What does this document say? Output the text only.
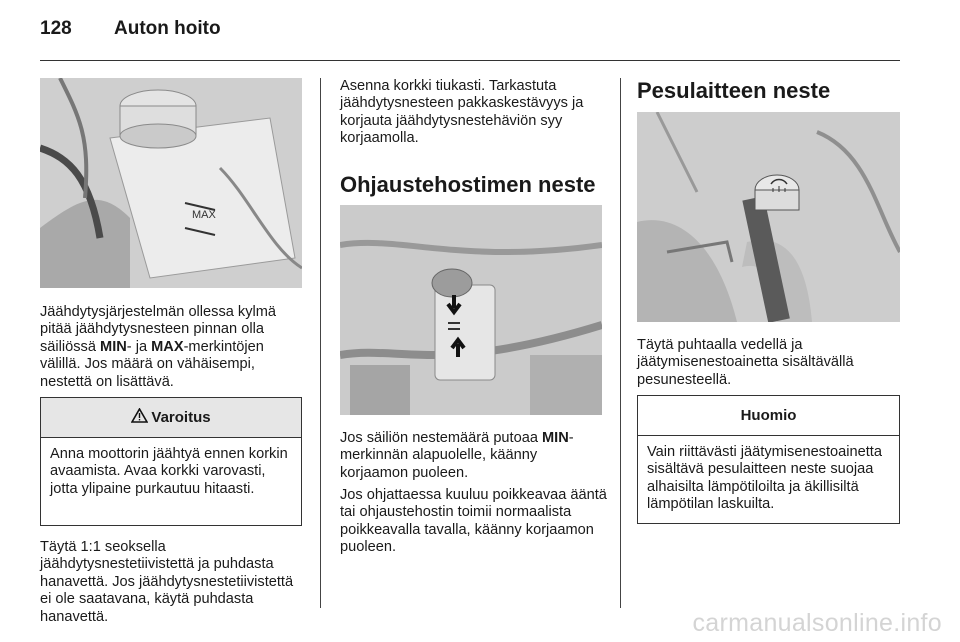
128 Auton hoito
MAX

Jäähdytysjärjestelmän ollessa kylmä pitää jäähdytysnesteen pinnan olla säiliössä MIN- ja MAX-merkintöjen välillä. Jos määrä on vähäisempi, nestettä on lisättävä.

Varoitus
Anna moottorin jäähtyä ennen korkin avaamista. Avaa korkki varovasti, jotta ylipaine purkautuu hitaasti.

Täytä 1:1 seoksella jäähdytysnestetiivistettä ja puhdasta hanavettä. Jos jäähdytysnestetiivistettä ei ole saatavana, käytä puhdasta hanavettä.

Asenna korkki tiukasti. Tarkastuta jäähdytysnesteen pakkaskestävyys ja korjauta jäähdytysnestehäviön syy korjaamolla.

Ohjaustehostimen neste

Jos säiliön nestemäärä putoaa MIN-merkinnän alapuolelle, käänny korjaamon puoleen.

Jos ohjattaessa kuuluu poikkeavaa ääntä tai ohjaustehostin toimii normaalista poikkeavalla tavalla, käänny korjaamon puoleen.

Pesulaitteen neste

Täytä puhtaalla vedellä ja jäätymisenestoainetta sisältävällä pesunesteellä.

Huomio
Vain riittävästi jäätymisenestoainetta sisältävä pesulaitteen neste suojaa alhaisilta lämpötiloilta ja äkillisiltä lämpötilan laskuilta.
carmanualsonline.info
